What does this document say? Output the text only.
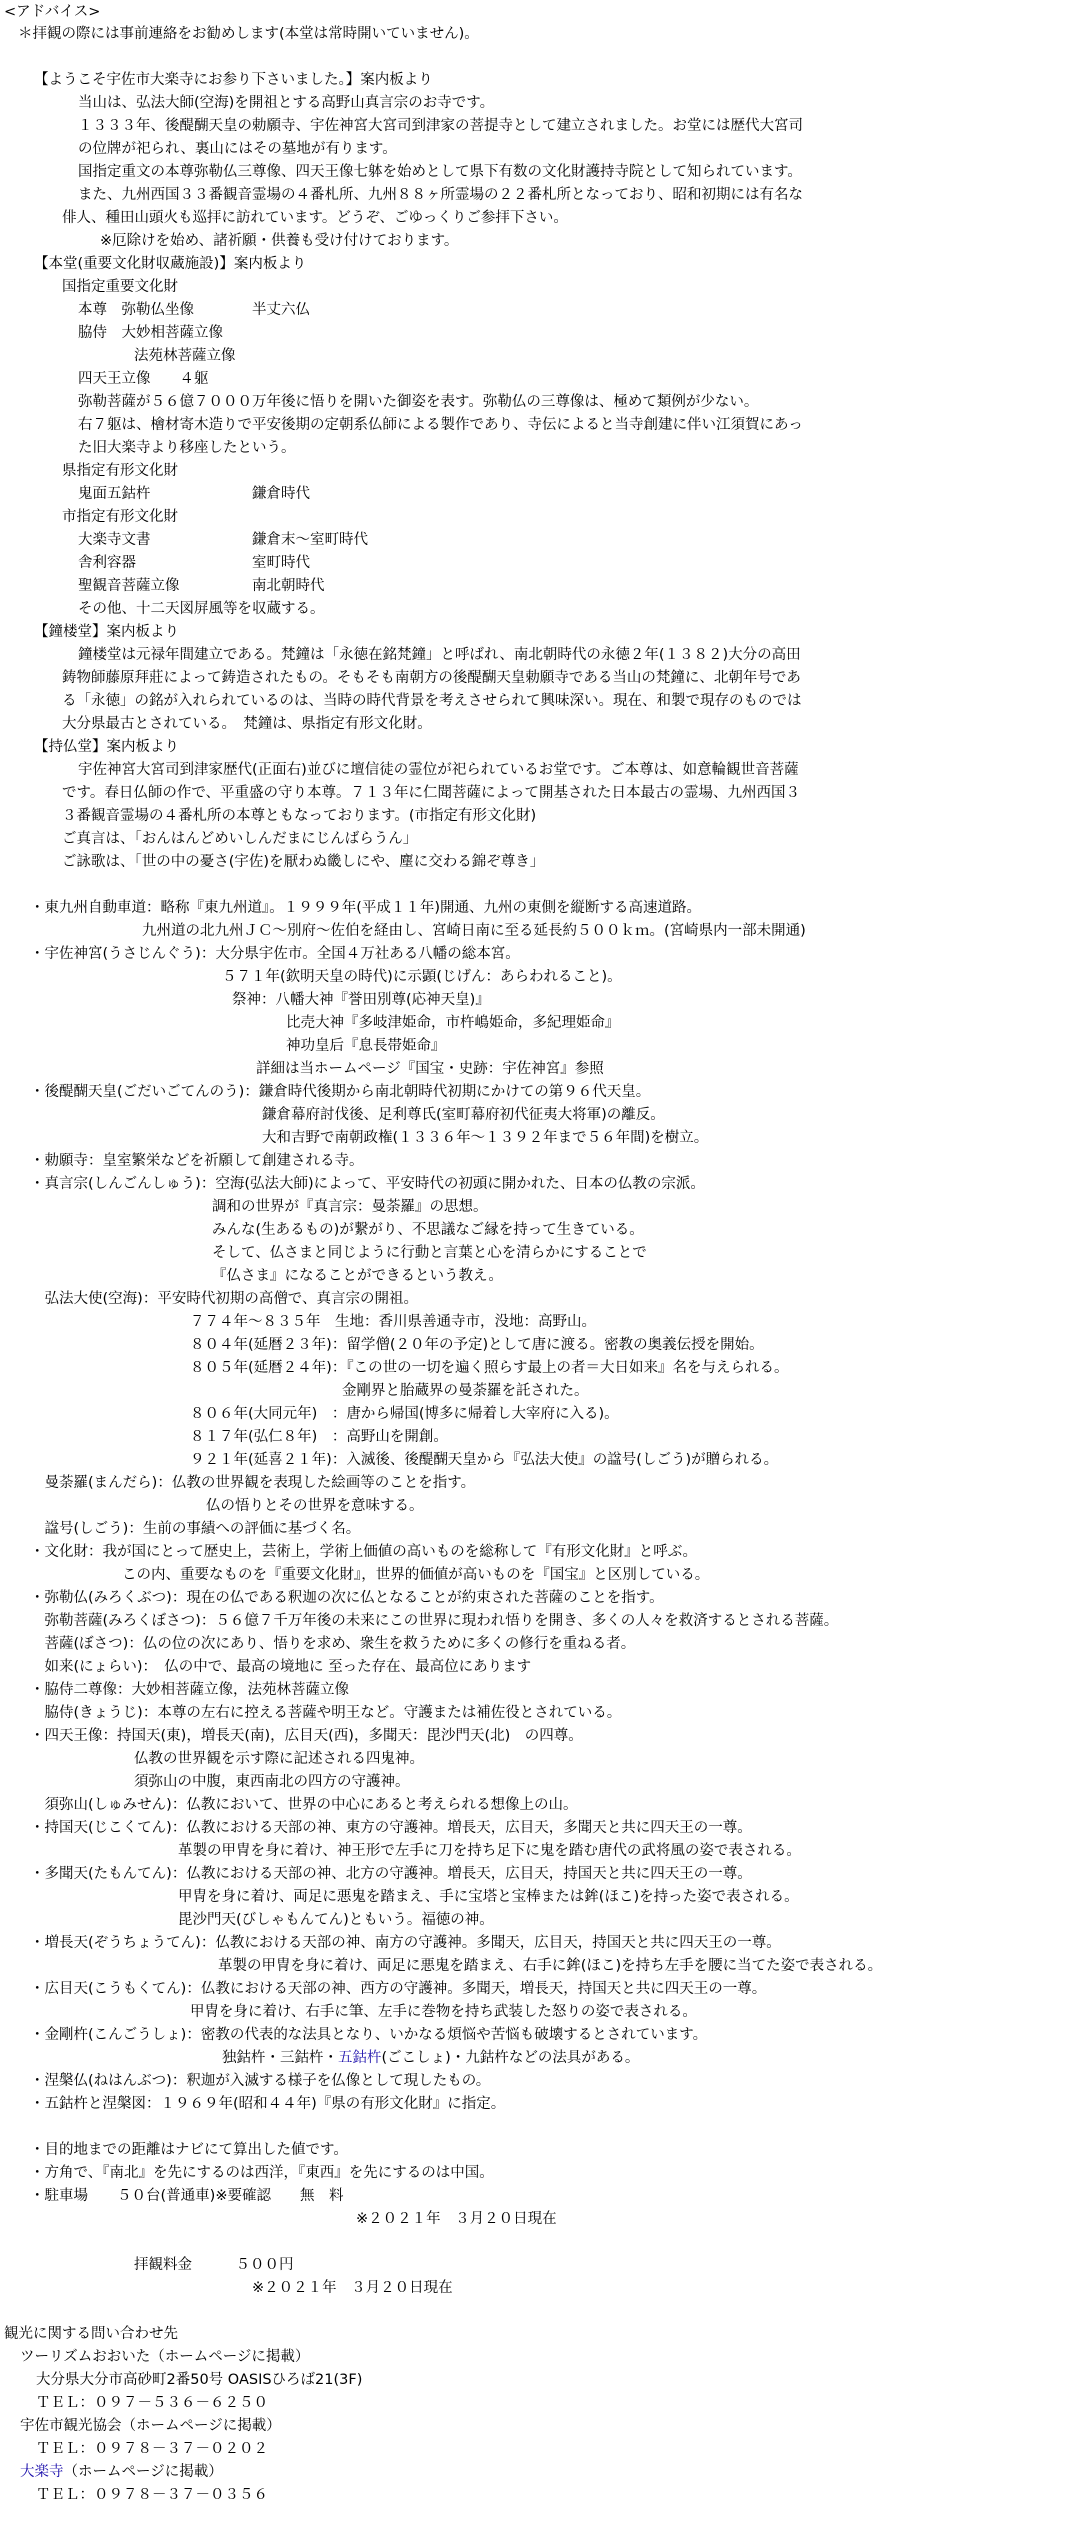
<アドバイス>
＊拝観の際には事前連絡をお勧めします(本堂は常時開いていません)。
【ようこそ宇佐市大楽寺にお参り下さいました。】案内板より
当山は、弘法大師(空海)を開祖とする高野山真言宗のお寺です。
１３３３年、後醍醐天皇の勅願寺、宇佐神宮大宮司到津家の菩提寺として建立されました。お堂には歴代大宮司
の位牌が祀られ、裏山にはその墓地が有ります。
国指定重文の本尊弥勒仏三尊像、四天王像七躰を始めとして県下有数の文化財護持寺院として知られています。
また、九州西国３３番観音霊場の４番札所、九州８８ヶ所霊場の２２番札所となっており、昭和初期には有名な
俳人、種田山頭火も巡拝に訪れています。どうぞ、ごゆっくりご参拝下さい。
※厄除けを始め、諸祈願・供養も受け付けております。
【本堂(重要文化財収蔵施設)】案内板より
国指定重要文化財
本尊　弥勒仏坐像　　　　半丈六仏
脇侍　大妙相菩薩立像
法苑林菩薩立像
四天王立像　　４躯
弥勒菩薩が５６億７０００万年後に悟りを開いた御姿を表す。弥勒仏の三尊像は、極めて類例が少ない。
右７躯は、檜材寄木造りで平安後期の定朝系仏師による製作であり、寺伝によると当寺創建に伴い江須賀にあっ
た旧大楽寺より移座したという。
県指定有形文化財
鬼面五鈷杵　　　　　　　鎌倉時代
市指定有形文化財
大楽寺文書　　　　　　　鎌倉末～室町時代
舎利容器　　　　　　　　室町時代
聖観音菩薩立像　　　　　南北朝時代
その他、十二天図屏風等を収蔵する。
【鐘楼堂】案内板より
鐘楼堂は元禄年間建立である。梵鐘は「永徳在銘梵鐘」と呼ばれ、南北朝時代の永徳２年(１３８２)大分の高田
鋳物師藤原拜莊によって鋳造されたもの。そもそも南朝方の後醍醐天皇勅願寺である当山の梵鐘に、北朝年号であ
る「永徳」の銘が入れられているのは、当時の時代背景を考えさせられて興味深い。現在、和製で現存のものでは
大分県最古とされている。　梵鐘は、県指定有形文化財。
【持仏堂】案内板より
宇佐神宮大宮司到津家歴代(正面右)並びに壇信徒の霊位が祀られているお堂です。ご本尊は、如意輪観世音菩薩
です。春日仏師の作で、平重盛の守り本尊。７１３年に仁聞菩薩によって開基された日本最古の霊場、九州西国３
３番観音霊場の４番札所の本尊ともなっております。(市指定有形文化財)
ご真言は、「おんはんどめいしんだまにじんばらうん」
ご詠歌は、「世の中の憂さ(宇佐)を厭わぬ畿しにや、塵に交わる錦ぞ尊き」
・東九州自動車道：略称『東九州道』。１９９９年(平成１１年)開通、九州の東側を縦断する高速道路。
九州道の北九州ＪＣ～別府～佐伯を経由し、宮崎日南に至る延長約５００ｋｍ。(宮崎県内一部未開通)
・宇佐神宮(うさじんぐう)：大分県宇佐市。全国４万社ある八幡の総本宮。
５７１年(欽明天皇の時代)に示顕(じげん：あらわれること)。
祭神：八幡大神『誉田別尊(応神天皇)』
比売大神『多岐津姫命，市杵嶋姫命，多紀理姫命』
神功皇后『息長帯姫命』
詳細は当ホームページ『国宝・史跡：宇佐神宮』参照
・後醍醐天皇(ごだいごてんのう)：鎌倉時代後期から南北朝時代初期にかけての第９６代天皇。
鎌倉幕府討伐後、足利尊氏(室町幕府初代征夷大将軍)の離反。
大和吉野で南朝政権(１３３６年～１３９２年まで５６年間)を樹立。
・勅願寺：皇室繁栄などを祈願して創建される寺。
・真言宗(しんごんしゅう)：空海(弘法大師)によって、平安時代の初頭に開かれた、日本の仏教の宗派。
調和の世界が『真言宗：曼荼羅』の思想。
みんな(生あるもの)が繋がり、不思議なご縁を持って生きている。
そして、仏さまと同じように行動と言葉と心を清らかにすることで
『仏さま』になることができるという教え。
　弘法大使(空海)：平安時代初期の高僧で、真言宗の開祖。
７７４年～８３５年　生地：香川県善通寺市，没地：高野山。
８０４年(延暦２３年)：留学僧(２０年の予定)として唐に渡る。密教の奥義伝授を開始。
８０５年(延暦２４年)：『この世の一切を遍く照らす最上の者＝大日如来』名を与えられる。
金剛界と胎蔵界の曼荼羅を託された。
８０６年(大同元年)　：唐から帰国(博多に帰着し大宰府に入る)。
８１７年(弘仁８年)　：高野山を開創。
９２１年(延喜２１年)：入滅後、後醍醐天皇から『弘法大使』の諡号(しごう)が贈られる。
　曼荼羅(まんだら)：仏教の世界観を表現した絵画等のことを指す。
仏の悟りとその世界を意味する。
　諡号(しごう)：生前の事績への評価に基づく名。
・文化財：我が国にとって歴史上，芸術上，学術上価値の高いものを総称して『有形文化財』と呼ぶ。
この内、重要なものを『重要文化財』，世界的価値が高いものを『国宝』と区別している。
・弥勒仏(みろくぶつ)：現在の仏である釈迦の次に仏となることが約束された菩薩のことを指す。
　弥勒菩薩(みろくぼさつ)：５６億７千万年後の未来にこの世界に現われ悟りを開き、多くの人々を救済するとされる菩薩。
　菩薩(ぼさつ)：仏の位の次にあり、悟りを求め、衆生を救うために多くの修行を重ねる者。
　如来(にょらい)：　仏の中で、最高の境地に 至った存在、最高位にあります
・脇侍二尊像：大妙相菩薩立像，法苑林菩薩立像
　脇侍(きょうじ)：本尊の左右に控える菩薩や明王など。守護または補佐役とされている。
・四天王像：持国天(東)，増長天(南)，広目天(西)，多聞天：毘沙門天(北)　の四尊。
仏教の世界観を示す際に記述される四鬼神。
須弥山の中腹，東西南北の四方の守護神。
　須弥山(しゅみせん)：仏教において、世界の中心にあると考えられる想像上の山。
・持国天(じこくてん)：仏教における天部の神、東方の守護神。増長天，広目天，多聞天と共に四天王の一尊。
革製の甲冑を身に着け、神王形で左手に刀を持ち足下に鬼を踏む唐代の武将風の姿で表される。
・多聞天(たもんてん)：仏教における天部の神、北方の守護神。増長天，広目天，持国天と共に四天王の一尊。
甲冑を身に着け、両足に悪鬼を踏まえ、手に宝塔と宝棒または鉾(ほこ)を持った姿で表される。
毘沙門天(びしゃもんてん)ともいう。福徳の神。
・増長天(ぞうちょうてん)：仏教における天部の神、南方の守護神。多聞天，広目天，持国天と共に四天王の一尊。
革製の甲冑を身に着け、両足に悪鬼を踏まえ、右手に鉾(ほこ)を持ち左手を腰に当てた姿で表される。
・広目天(こうもくてん)：仏教における天部の神、西方の守護神。多聞天，増長天，持国天と共に四天王の一尊。
甲冑を身に着け、右手に筆、左手に巻物を持ち武装した怒りの姿で表される。
・金剛杵(こんごうしょ)：密教の代表的な法具となり、いかなる煩悩や苦悩も破壊するとされています。
・涅槃仏(ねはんぶつ)：釈迦が入滅する様子を仏像として現したもの。
・五鈷杵と涅槃図：１９６９年(昭和４４年)『県の有形文化財』に指定。
・目的地までの距離はナビにて算出した値です。
・方角で、『南北』を先にするのは西洋，『東西』を先にするのは中国。
・駐車場　　５０台(普通車)※要確認　　無　料
※２０２１年　３月２０日現在
拝観料金　　　５００円
※２０２１年　３月２０日現在
観光に関する問い合わせ先
ツーリズムおおいた（ホームページに掲載）
大分県大分市高砂町2番50号 OASISひろば21(3F)
ＴＥＬ：０９７－５３６－６２５０
宇佐市観光協会（ホームページに掲載）
ＴＥＬ：０９７８－３７－０２０２
ＴＥＬ：０９７８－３７－０３５６
独鈷杵・三鈷杵・五鈷杵(ごこしょ)・九鈷杵などの法具がある。
大楽寺（ホームページに掲載）
